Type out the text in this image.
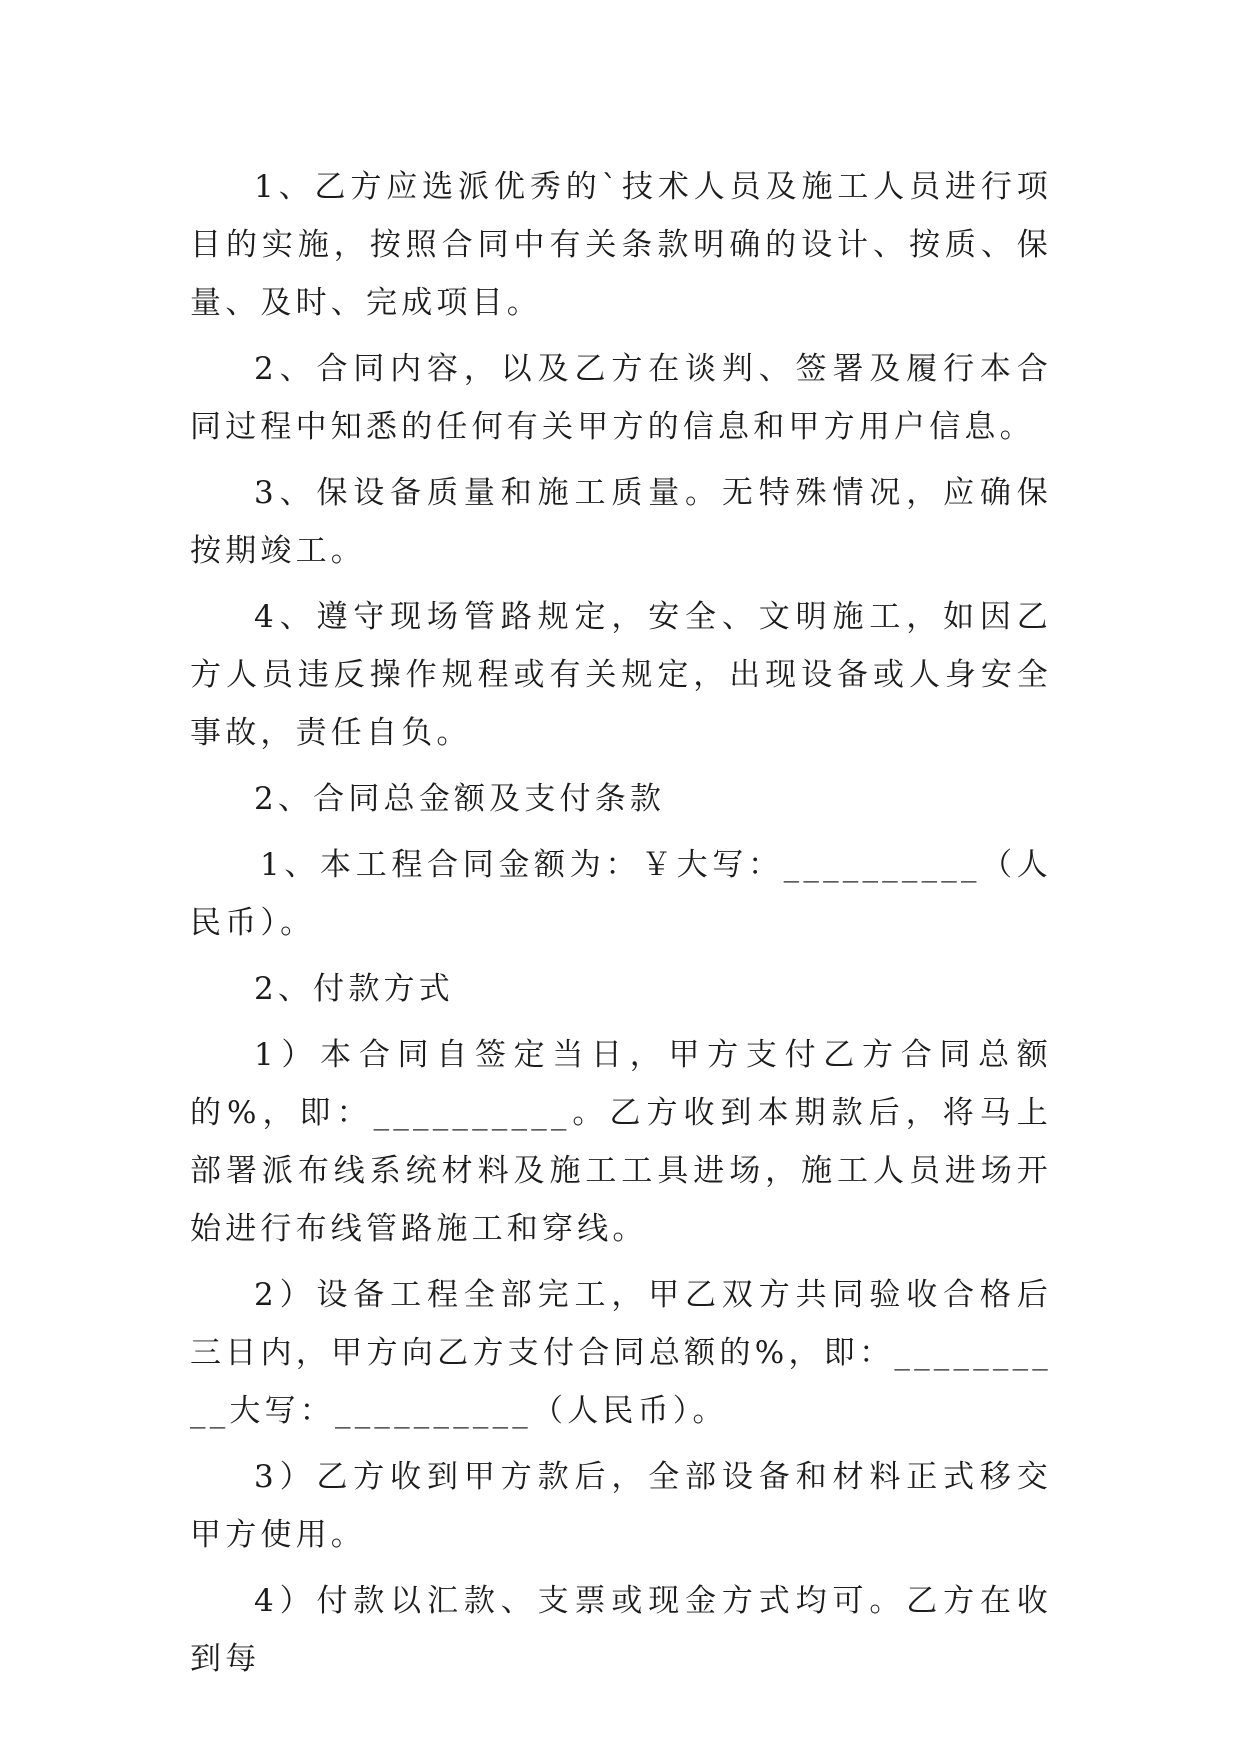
1、乙方应选派优秀的`技术人员及施工人员进行项目的实施，按照合同中有关条款明确的设计、按质、保量、及时、完成项目。

2、合同内容，以及乙方在谈判、签署及履行本合同过程中知悉的任何有关甲方的信息和甲方用户信息。

3、保设备质量和施工质量。无特殊情况，应确保按期竣工。

4、遵守现场管路规定，安全、文明施工，如因乙方人员违反操作规程或有关规定，出现设备或人身安全事故，责任自负。

2、合同总金额及支付条款

1、本工程合同金额为：￥大写：__________（人民币）。

2、付款方式

1）本合同自签定当日，甲方支付乙方合同总额的%，即：__________。乙方收到本期款后，将马上部署派布线系统材料及施工工具进场，施工人员进场开始进行布线管路施工和穿线。

2）设备工程全部完工，甲乙双方共同验收合格后三日内，甲方向乙方支付合同总额的%，即：__________大写：__________（人民币）。

3）乙方收到甲方款后，全部设备和材料正式移交甲方使用。

4）付款以汇款、支票或现金方式均可。乙方在收到每
